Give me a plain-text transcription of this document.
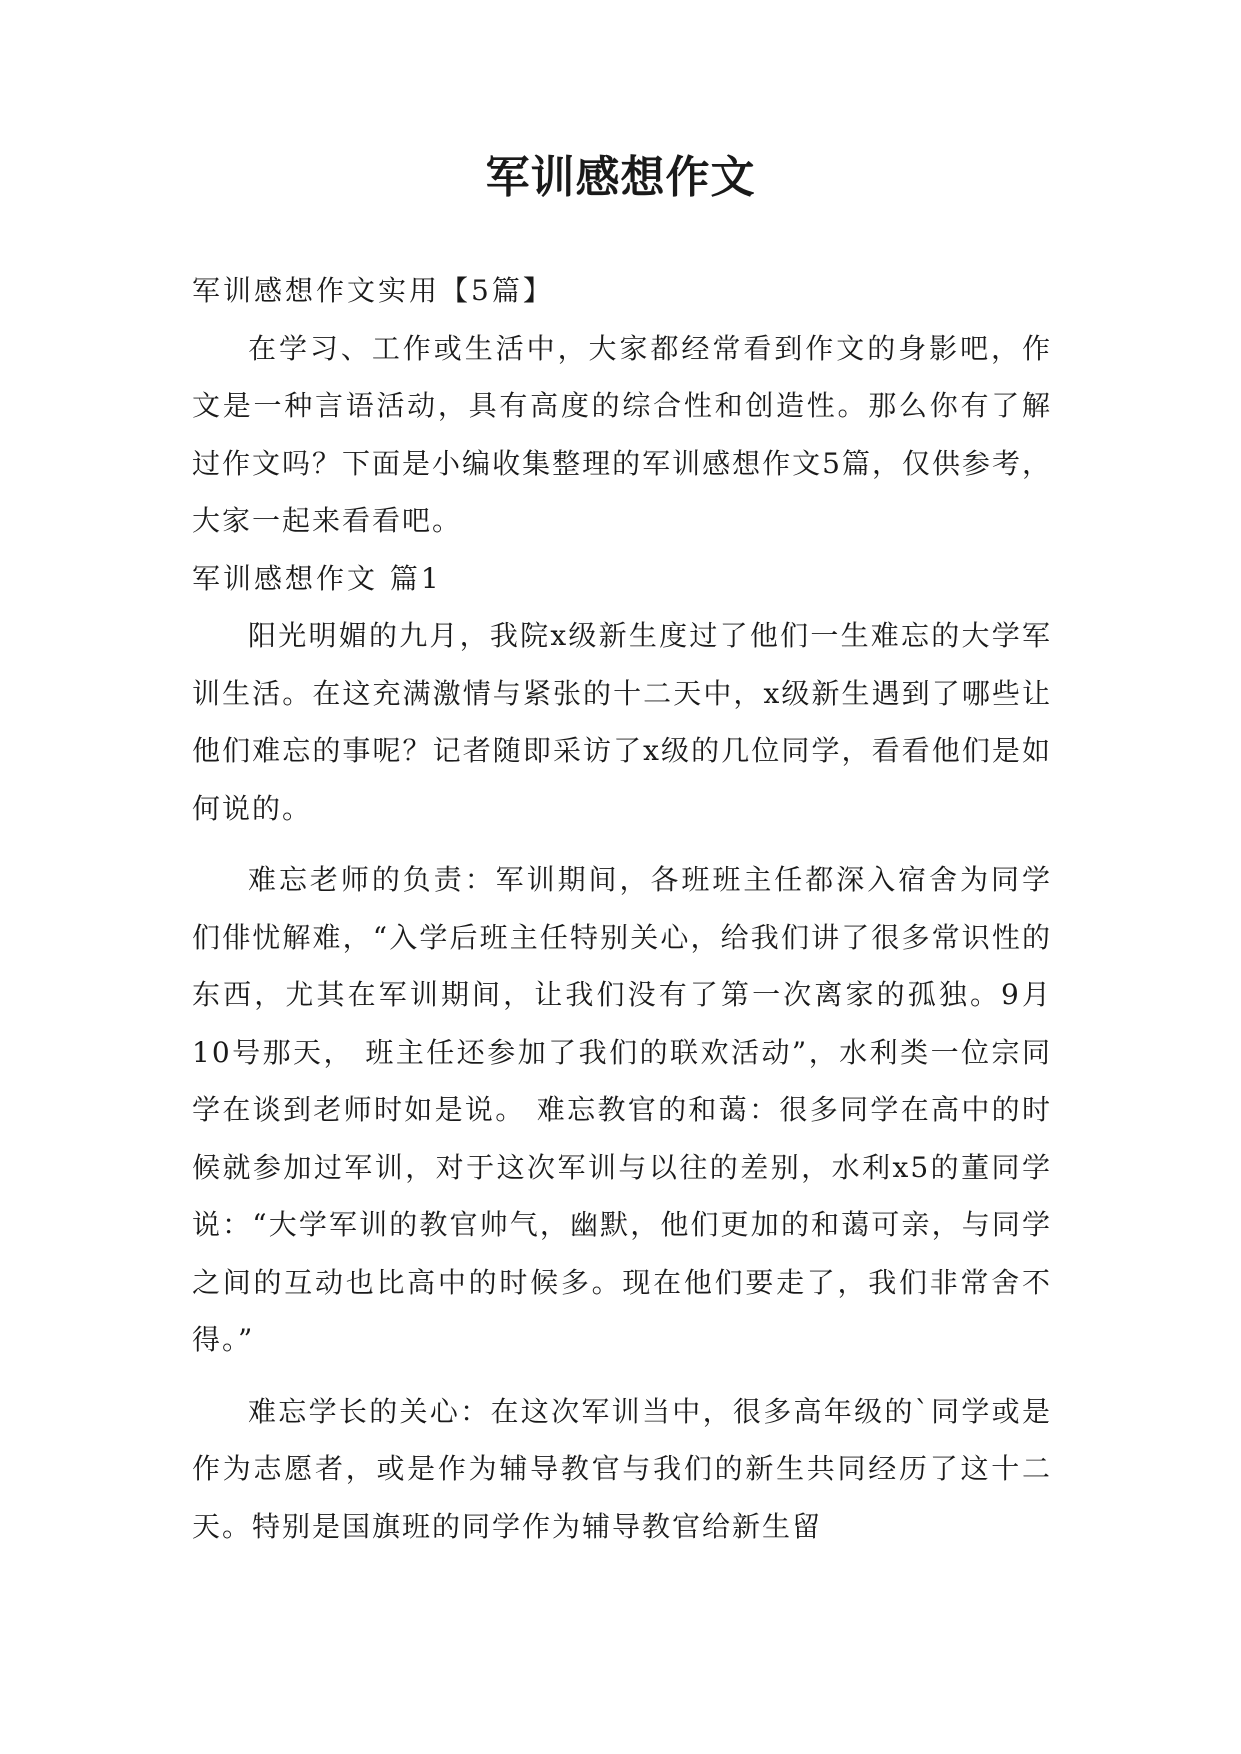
军训感想作文

军训感想作文实用【5篇】

在学习、工作或生活中，大家都经常看到作文的身影吧，作文是一种言语活动，具有高度的综合性和创造性。那么你有了解过作文吗？下面是小编收集整理的军训感想作文5篇，仅供参考，大家一起来看看吧。

军训感想作文 篇1

阳光明媚的九月，我院x级新生度过了他们一生难忘的大学军训生活。在这充满激情与紧张的十二天中，x级新生遇到了哪些让他们难忘的事呢？记者随即采访了x级的几位同学，看看他们是如何说的。

难忘老师的负责：军训期间，各班班主任都深入宿舍为同学们俳忧解难，“入学后班主任特别关心，给我们讲了很多常识性的东西，尤其在军训期间，让我们没有了第一次离家的孤独。9月10号那天， 班主任还参加了我们的联欢活动”，水利类一位宗同学在谈到老师时如是说。 难忘教官的和蔼：很多同学在高中的时候就参加过军训，对于这次军训与以往的差别，水利x5的董同学说：“大学军训的教官帅气，幽默，他们更加的和蔼可亲，与同学之间的互动也比高中的时候多。现在他们要走了，我们非常舍不得。”

难忘学长的关心：在这次军训当中，很多高年级的`同学或是作为志愿者，或是作为辅导教官与我们的新生共同经历了这十二天。特别是国旗班的同学作为辅导教官给新生留
